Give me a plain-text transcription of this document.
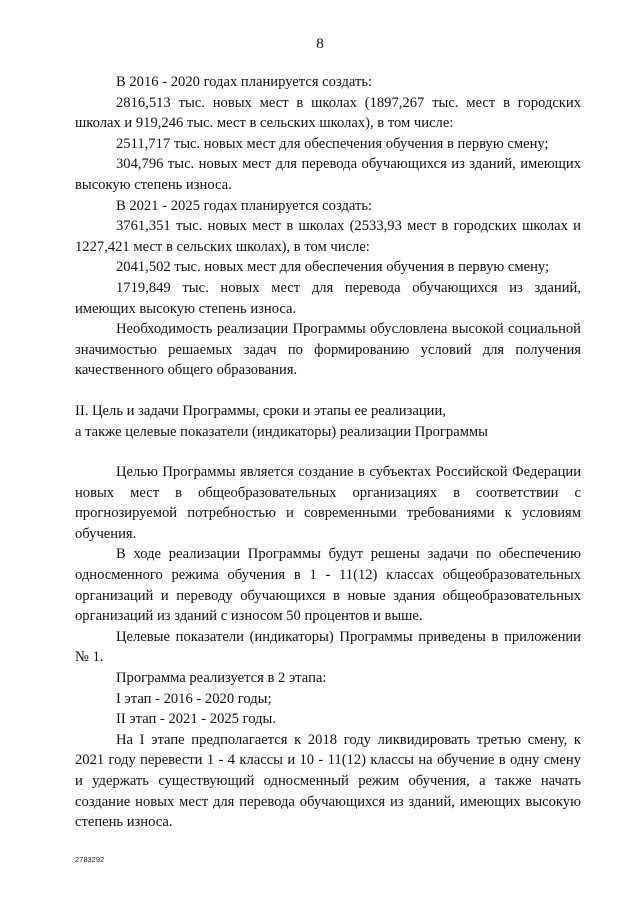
8

В 2016 - 2020 годах планируется создать:

2816,513 тыс. новых мест в школах (1897,267 тыс. мест в городских школах и 919,246 тыс. мест в сельских школах), в том числе:

2511,717 тыс. новых мест для обеспечения обучения в первую смену;

304,796 тыс. новых мест для перевода обучающихся из зданий, имеющих высокую степень износа.

В 2021 - 2025 годах планируется создать:

3761,351 тыс. новых мест в школах (2533,93 мест в городских школах и 1227,421 мест в сельских школах), в том числе:

2041,502 тыс. новых мест для обеспечения обучения в первую смену;

1719,849 тыс. новых мест для перевода обучающихся из зданий, имеющих высокую степень износа.

Необходимость реализации Программы обусловлена высокой социальной значимостью решаемых задач по формированию условий для получения качественного общего образования.

II. Цель и задачи Программы, сроки и этапы ее реализации,

а также целевые показатели (индикаторы) реализации Программы

Целью Программы является создание в субъектах Российской Федерации новых мест в общеобразовательных организациях в соответствии с прогнозируемой потребностью и современными требованиями к условиям обучения.

В ходе реализации Программы будут решены задачи по обеспечению односменного режима обучения в 1 - 11(12) классах общеобразовательных организаций и переводу обучающихся в новые здания общеобразовательных организаций из зданий с износом 50 процентов и выше.

Целевые показатели (индикаторы) Программы приведены в приложении № 1.

Программа реализуется в 2 этапа:

I этап - 2016 - 2020 годы;

II этап - 2021 - 2025 годы.

На I этапе предполагается к 2018 году ликвидировать третью смену, к 2021 году перевести 1 - 4 классы и 10 - 11(12) классы на обучение в одну смену и удержать существующий односменный режим обучения, а также начать создание новых мест для перевода обучающихся из зданий, имеющих высокую степень износа.

2783292
